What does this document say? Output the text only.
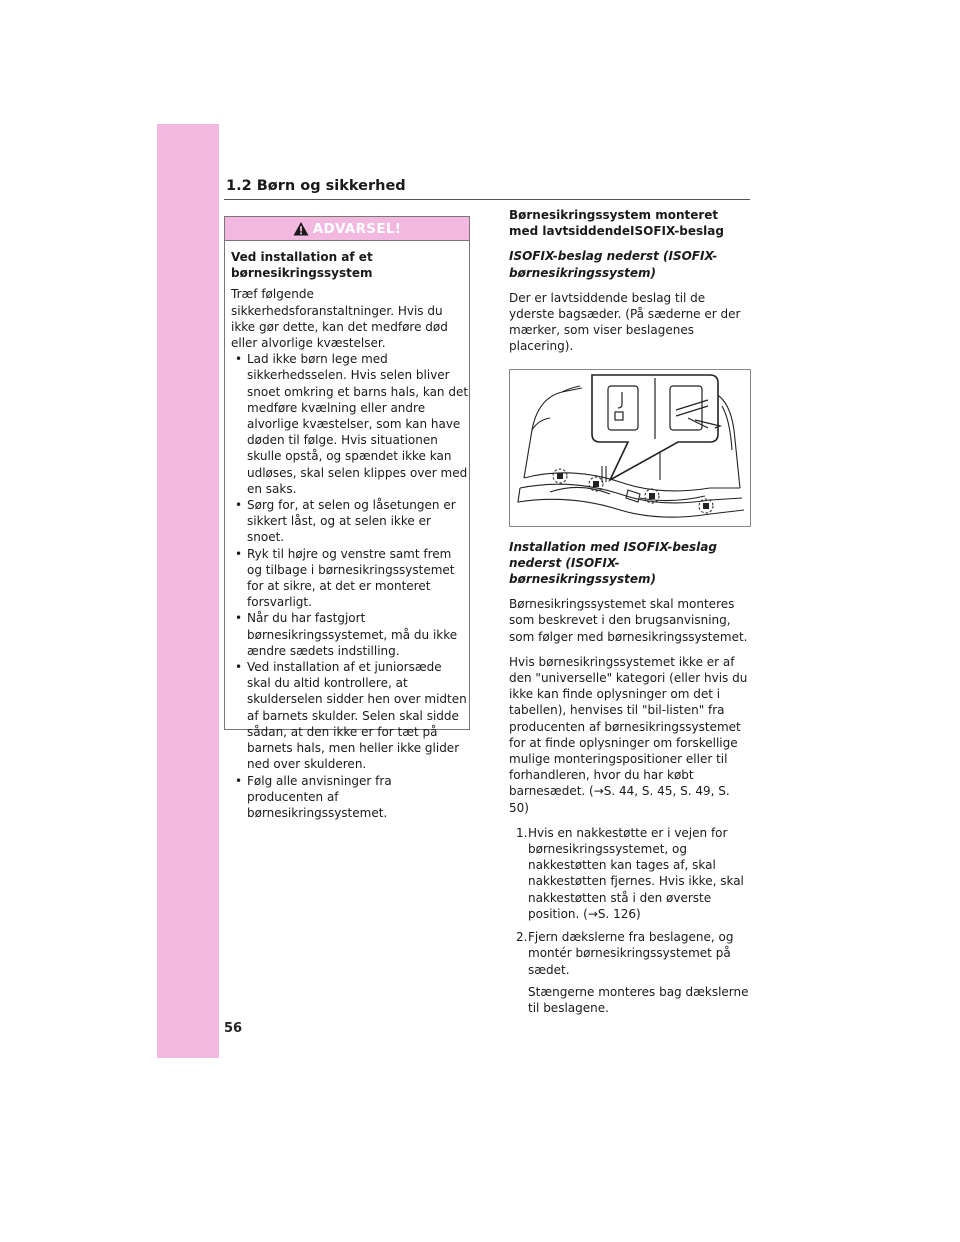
1.2 Børn og sikkerhed
ADVARSEL!

Ved installation af et børnesikringssystem

Træf følgende sikkerhedsforanstaltninger. Hvis du ikke gør dette, kan det medføre død eller alvorlige kvæstelser.

• Lad ikke børn lege med sikkerhedsselen. Hvis selen bliver snoet omkring et barns hals, kan det medføre kvælning eller andre alvorlige kvæstelser, som kan have døden til følge. Hvis situationen skulle opstå, og spændet ikke kan udløses, skal selen klippes over med en saks.
• Sørg for, at selen og låsetungen er sikkert låst, og at selen ikke er snoet.
• Ryk til højre og venstre samt frem og tilbage i børnesikringssystemet for at sikre, at det er monteret forsvarligt.
• Når du har fastgjort børnesikringssystemet, må du ikke ændre sædets indstilling.
• Ved installation af et juniorsæde skal du altid kontrollere, at skulderselen sidder hen over midten af barnets skulder. Selen skal sidde sådan, at den ikke er for tæt på barnets hals, men heller ikke glider ned over skulderen.
• Følg alle anvisninger fra producenten af børnesikringssystemet.

Børnesikringssystem monteret med lavtsiddendeISOFIX-beslag

ISOFIX-beslag nederst (ISOFIX-børnesikringssystem)

Der er lavtsiddende beslag til de yderste bagsæder. (På sæderne er der mærker, som viser beslagenes placering).

Installation med ISOFIX-beslag nederst (ISOFIX-børnesikringssystem)

Børnesikringssystemet skal monteres som beskrevet i den brugsanvisning, som følger med børnesikringssystemet.

Hvis børnesikringssystemet ikke er af den "universelle" kategori (eller hvis du ikke kan finde oplysninger om det i tabellen), henvises til "bil-listen" fra producenten af børnesikringssystemet for at finde oplysninger om forskellige mulige monteringspositioner eller til forhandleren, hvor du har købt barnesædet. (→S. 44, S. 45, S. 49, S. 50)

1. Hvis en nakkestøtte er i vejen for børnesikringssystemet, og nakkestøtten kan tages af, skal nakkestøtten fjernes. Hvis ikke, skal nakkestøtten stå i den øverste position. (→S. 126)
2. Fjern dækslerne fra beslagene, og montér børnesikringssystemet på sædet.

Stængerne monteres bag dækslerne til beslagene.

56
